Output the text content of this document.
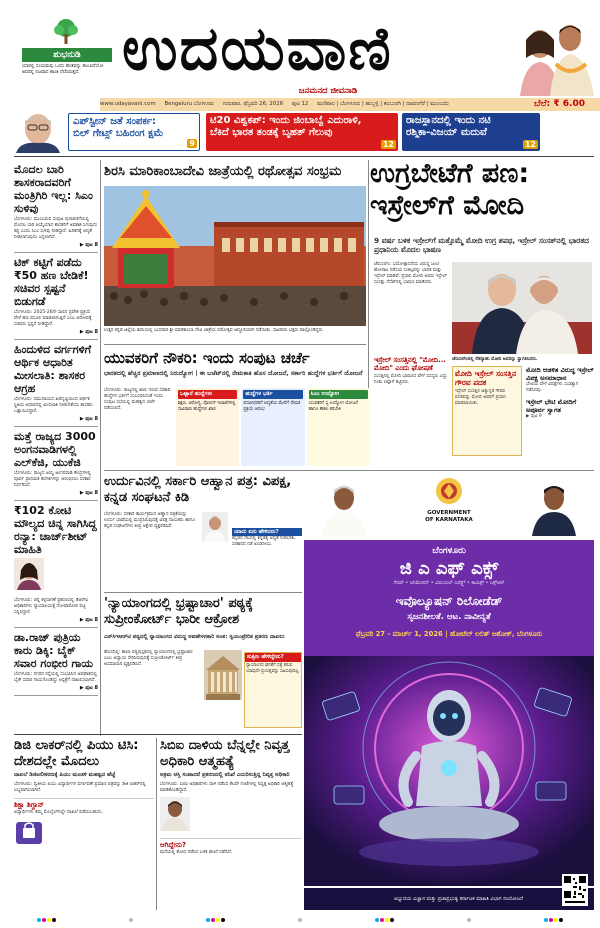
ಶುಭನುಡಿ
ಯಾರಲ್ಲಿ ಸಂಯಮವು ಒಂದು ಹಂತವನ್ನು ತಲುಪಿದೆಯೋ ಅವರಲ್ಲಿ ನಿಜವಾದ ಶಾಂತಿ ನೆಲೆಸಿರುತ್ತದೆ. ಉದಯವಾಣಿ
ಜನಮನದ ಜೀವನಾಡಿ
www.udayavani.com Bengaluru ಬೆಂಗಳೂರು ಗುರುವಾರ, ಫೆಬ್ರವರಿ 26, 2026 ಪುಟ 12 ಮಣಿಪಾಲ | ಬೆಂಗಳೂರು | ಹುಬ್ಬಳ್ಳಿ | ಕಲಬುರಗಿ | ದಾವಣಗೆರೆ | ಮುಂಬಯಿ	ಬೆಲೆ: ₹ 6.00
ಎಪ್‌ಸ್ಟೀನ್ ಜತೆ ಸಂಪರ್ಕ:
ಬಿಲ್ ಗೇಟ್ಸ್ ಬಹಿರಂಗ ಕ್ಷಮೆ
9
ಟಿ20 ವಿಶ್ವಕಪ್: ಇಂದು ಜಿಂಬಾಬ್ವೆ ಎದುರಾಳಿ,
ಬೆಕಿದೆ ಭಾರತ ತಂಡಕ್ಕೆ ಬೃಹತ್ ಗೆಲುವು
12
ರಾಜಸ್ಥಾನದಲ್ಲಿ ಇಂದು ನಟಿ
ರಶ್ಮಿಕಾ-ವಿಜಯ್ ಮದುವೆ
12
ಮೊದಲ ಬಾರಿ ಶಾಸಕರಾದವರಿಗೆ ಮಂತ್ರಿಗಿರಿ ಇಲ್ಲ: ಸಿಎಂ ಸುಳಿವು
ಬೆಂಗಳೂರು: ಮುಂಬರುವ ಸಂಪುಟ ಪುನಾರಚನೆಯಲ್ಲಿ ಮೊದಲ ಬಾರಿ ಆಯ್ಕೆಯಾದ ಶಾಸಕರಿಗೆ ಅವಕಾಶ ಸಿಗುವುದು ಕಷ್ಟ ಎಂದು ಸಿಎಂ ಸುಳಿವು ನೀಡಿದ್ದಾರೆ. ಹಿರಿತನಕ್ಕೆ ಆದ್ಯತೆ ನೀಡಲಾಗುವುದು ಎನ್ನಲಾಗಿದೆ.
▶ ಪುಟ 8
ಟಿಕ್ ಕಟ್ಟಿಗೆ ಪಡೆದು ₹50 ಹಣ ಬೇಡಿಕೆ! ಸಚಿವರ ಸ್ಪಷ್ಟನೆ ಬಿಡುಗಡೆ
ಬೆಂಗಳೂರು: 2025-26ನೇ ಸಾಲಿನ ಪ್ರವೇಶ ಪ್ರಕ್ರಿಯೆ ವೇಳೆ ಹಣ ವಸೂಲಿ ಮಾಡಲಾಗುತ್ತಿದೆ ಎಂಬ ಆರೋಪಕ್ಕೆ ಸಚಿವರು ಸ್ಪಷ್ಟನೆ ನೀಡಿದ್ದಾರೆ.
▶ ಪುಟ 8
ಹಿಂದುಳಿದ ವರ್ಗಗಳಿಗೆ ಆರ್ಥಿಕ ಆಧಾರಿತ ಮೀಸಲಾತಿ: ಶಾಸಕರ ಆಗ್ರಹ
ಬೆಂಗಳೂರು: ಸಮುದಾಯದ ಹಿತದೃಷ್ಟಿಯಿಂದ ಆರ್ಥಿಕ ಸ್ಥಿತಿಯ ಆಧಾರದಲ್ಲಿ ಮೀಸಲಾತಿ ನೀಡಬೇಕೆಂದು ಶಾಸಕರು ಒತ್ತಾಯಿಸಿದ್ದಾರೆ.
▶ ಪುಟ 8
ಮತ್ತೆ ರಾಜ್ಯದ 3000 ಅಂಗನವಾಡಿಗಳಲ್ಲಿ ಎಲ್‌ಕೆಜಿ, ಯುಕೆಜಿ
ಬೆಂಗಳೂರು: ರಾಜ್ಯದ ಆಯ್ದ ಅಂಗನವಾಡಿ ಕೇಂದ್ರಗಳಲ್ಲಿ ಪೂರ್ವ ಪ್ರಾಥಮಿಕ ತರಗತಿಗಳನ್ನು ಆರಂಭಿಸಲು ಸರಕಾರ ನಿರ್ಧರಿಸಿದೆ.
▶ ಪುಟ 8
₹102 ಕೋಟಿ ಮೌಲ್ಯದ ಚಿನ್ನ ಸಾಗಿಸಿದ್ದ ರನ್ಯಾ: ಚಾರ್ಜ್‌ಶೀಟ್ ಮಾಹಿತಿ
ಬೆಂಗಳೂರು: ಚಿನ್ನ ಕಳ್ಳಸಾಗಣೆ ಪ್ರಕರಣದಲ್ಲಿ ಡಿಆರ್‌ಐ ಅಧಿಕಾರಿಗಳು ನ್ಯಾಯಾಲಯಕ್ಕೆ ದೋಷಾರೋಪ ಪಟ್ಟಿ ಸಲ್ಲಿಸಿದ್ದಾರೆ.
▶ ಪುಟ 8
ಡಾ.ರಾಜ್ ಪುತ್ರಿಯ ಕಾರು ಡಿಕ್ಕಿ: ಬೈಕ್ ಸವಾರ ಗಂಭೀರ ಗಾಯ
ಬೆಂಗಳೂರು: ನಗರದ ರಸ್ತೆಯಲ್ಲಿ ಸಂಭವಿಸಿದ ಅಪಘಾತದಲ್ಲಿ ಬೈಕ್ ಸವಾರ ಗಾಯಗೊಂಡಿದ್ದು ಆಸ್ಪತ್ರೆಗೆ ದಾಖಲಿಸಲಾಗಿದೆ.
▶ ಪುಟ 8
ಶಿರಸಿ ಮಾರಿಕಾಂಬಾದೇವಿ ಜಾತ್ರೆಯಲ್ಲಿ ರಥೋತ್ಸವ ಸಂಭ್ರಮ
ಉತ್ತರ ಕನ್ನಡ ಜಿಲ್ಲೆಯ ಶಿರಸಿಯಲ್ಲಿ ಬುಧವಾರ ಶ್ರೀ ಮಾರಿಕಾಂಬಾ ದೇವಿ ಜಾತ್ರೆಯ ರಥೋತ್ಸವ ಅದ್ದೂರಿಯಾಗಿ ನಡೆಯಿತು. ಸಾವಿರಾರು ಭಕ್ತರು ಪಾಲ್ಗೊಂಡಿದ್ದರು.
ಉಗ್ರಬೇಟೆಗೆ ಪಣ: ಇಸ್ರೇಲ್‌ಗೆ ಮೋದಿ
9 ವರ್ಷ ಬಳಿಕ ಇಸ್ರೇಲ್‌ಗೆ ಮತ್ತೊಮ್ಮೆ ಮೋದಿ ಉಗ್ರ ಶಪಥ, ಇಸ್ರೇಲ್ ಸಂಸತ್‌ನಲ್ಲಿ ಭಾರತದ ಪ್ರಧಾನಿಯ ಮೊದಲ ಭಾಷಣ
ಜೆರುಸಲೇಂ: ಭಯೋತ್ಪಾದನೆಯ ವಿರುದ್ಧ ಜಂಟಿ ಹೋರಾಟ ನಡೆಸುವ ಸಂಕಲ್ಪವನ್ನು ಭಾರತ ಮತ್ತು ಇಸ್ರೇಲ್ ಮಾಡಿವೆ. ಪ್ರಧಾನಿ ಮೋದಿ ಅವರು ಇಸ್ರೇಲ್ ಸಂಸತ್ತು ನೆಸೆಟ್‌ನಲ್ಲಿ ಭಾಷಣ ಮಾಡಿದರು.
ಜೆರುಸಲೇಂನಲ್ಲಿ ನೆತನ್ಯಾಹು ಮೋದಿ ಅವರನ್ನು ಸ್ವಾಗತಿಸಿದರು.
ಇಸ್ರೇಲ್ ಸಂಸತ್ತಿನಲ್ಲಿ "ಮೋದಿ... ಮೋದಿ" ಎಂದು ಘೋಷಣೆ
ಸಂಸತ್ತಿನಲ್ಲಿ ಮೋದಿ ಭಾಷಣದ ವೇಳೆ ಸದಸ್ಯರು ಎದ್ದು ನಿಂತು ಚಪ್ಪಾಳೆ ತಟ್ಟಿದರು.
ಮೋದಿ ಇಸ್ರೇಲ್ ಸಂಸತ್ತಿನ ಗೌರವ ಪದಕ
ಇಸ್ರೇಲ್ ಸಂಸತ್ತಿನ ಅತ್ಯುನ್ನತ ಗೌರವ ಪದಕವನ್ನು ಮೋದಿ ಅವರಿಗೆ ಪ್ರದಾನ ಮಾಡಲಾಯಿತು.
ಮೋದಿ ಆಡಳಿತ ವಿರುದ್ಧ ಇಸ್ರೇಲ್ ವಿಪಕ್ಷ ಅಸಮಾಧಾನ
ಭೇಟಿಯ ವೇಳೆ ವಿಪಕ್ಷಗಳು ಸಭಾತ್ಯಾಗ ನಡೆಸಿದವು.
ಇಸ್ರೇಲ್ ಭೇಟಿ ಮೋದಿಗೆ ಅಪೂರ್ವ ಸ್ವಾಗತ
▶ ಪುಟ 9
ಯುವಕರಿಗೆ ನೌಕರಿ: ಇಂದು ಸಂಪುಟ ಚರ್ಚೆ
ಭಾರತದಲ್ಲಿ ಹೆಚ್ಚಿನ ಪ್ರಮಾಣದಲ್ಲಿ ನಿರುದ್ಯೋಗ | ಈ ಬಜೆಟ್‌ನಲ್ಲಿ ನೇಮಕಾತಿ ಹೊಸ ಯೋಜನೆ, ಸರ್ಕಾರಿ ಹುದ್ದೆಗಳ ಭರ್ತಿಗೆ ಯೋಜನೆ
ಬೆಂಗಳೂರು: ರಾಜ್ಯದಲ್ಲಿ ಖಾಲಿ ಇರುವ ಸರಕಾರಿ ಹುದ್ದೆಗಳ ಭರ್ತಿಗೆ ಸಂಬಂಧಿಸಿದಂತೆ ಇಂದು ಸಂಪುಟ ಸಭೆಯಲ್ಲಿ ಮಹತ್ವದ ಚರ್ಚೆ ನಡೆಯಲಿದೆ.
ಒಟ್ಟಾರೆ ಹುದ್ದೆಗಳು
ಶಿಕ್ಷಣ, ಆರೋಗ್ಯ, ಪೊಲೀಸ್ ಇಲಾಖೆಗಳಲ್ಲಿ ಸಾವಿರಾರು ಹುದ್ದೆಗಳು ಖಾಲಿ
ಹುದ್ದೆಗಳ ಭರ್ತಿ
ಪದವೀಧರರಿಗೆ ಆದ್ಯತೆಯ ಮೇರೆಗೆ ನೇಮಕ ಪ್ರಕ್ರಿಯೆ ಆರಂಭ
ಸಿಎಂ ಉದ್ಯೋಗ
ಯುವಕರಿಗೆ ಸ್ವ ಉದ್ಯೋಗ ಯೋಜನೆ ಹಾಗೂ ಕೌಶಲ ತರಬೇತಿ
ಉರ್ದುವಿನಲ್ಲಿ ಸರ್ಕಾರಿ ಆಹ್ವಾನ ಪತ್ರ: ವಿಪಕ್ಷ, ಕನ್ನಡ ಸಂಘಟನೆ ಕಿಡಿ
ಬೆಂಗಳೂರು: ಸರಕಾರಿ ಕಾರ್ಯಕ್ರಮದ ಆಹ್ವಾನ ಪತ್ರಿಕೆಯನ್ನು ಉರ್ದು ಭಾಷೆಯಲ್ಲಿ ಮುದ್ರಿಸಿರುವುದಕ್ಕೆ ವಿಪಕ್ಷ ನಾಯಕರು ಹಾಗೂ ಕನ್ನಡ ಸಂಘಟನೆಗಳು ತೀವ್ರ ಆಕ್ಷೇಪ ವ್ಯಕ್ತಪಡಿಸಿವೆ.
ಯಾರು ಏನು ಹೇಳಿದರು?
ಕನ್ನಡದ ನೆಲದಲ್ಲಿ ಕನ್ನಡಕ್ಕೆ ಆದ್ಯತೆ ನೀಡಬೇಕು. ಸರಕಾರದ ನಡೆ ಖಂಡನೀಯ.
'ನ್ಯಾಯಾಂಗದಲ್ಲಿ ಭ್ರಷ್ಟಾಚಾರ' ಪಠ್ಯಕ್ಕೆ ಸುಪ್ರೀಂಕೋರ್ಟ್ ಭಾರೀ ಆಕ್ರೋಶ
ಎನ್‌ಸಿಇಆರ್‌ಟಿ ಪಠ್ಯದಲ್ಲಿ ನ್ಯಾಯಾಂಗದ ವಿರುದ್ಧ ಅವಹೇಳನಕಾರಿ ಅಂಶ: ಸ್ವಯಂಪ್ರೇರಿತ ಪ್ರಕರಣ ದಾಖಲು
ಹೊಸದಿಲ್ಲಿ: ಶಾಲಾ ಪಠ್ಯಪುಸ್ತಕದಲ್ಲಿ ನ್ಯಾಯಾಂಗದಲ್ಲಿ ಭ್ರಷ್ಟಾಚಾರ ಎಂಬ ಅಧ್ಯಾಯ ಸೇರಿಸಿರುವುದಕ್ಕೆ ಸುಪ್ರೀಂಕೋರ್ಟ್ ತೀವ್ರ ಅಸಮಾಧಾನ ವ್ಯಕ್ತಪಡಿಸಿದೆ.
ಸುಪ್ರೀಂ ಹೇಳಿದ್ದೇನು?
ನ್ಯಾಯಾಂಗದ ಘನತೆಗೆ ಧಕ್ಕೆ ತರುವ ಯಾವುದೇ ಪ್ರಯತ್ನವನ್ನು ಸಹಿಸುವುದಿಲ್ಲ.
ಡಿಜಿ ಲಾಕರ್‌ನಲ್ಲಿ ಪಿಯು ಟಿಸಿ: ದೇಶದಲ್ಲೇ ಮೊದಲು
ದಾಖಲೆ ಡಿಜಿಟಲೀಕರಣಕ್ಕೆ ಪಿಯು ಮಂಡಳಿ ಮಹತ್ವದ ಹೆಜ್ಜೆ
ಬೆಂಗಳೂರು: ದ್ವಿತೀಯ ಪಿಯು ವಿದ್ಯಾರ್ಥಿಗಳ ವರ್ಗಾವಣೆ ಪ್ರಮಾಣ ಪತ್ರವನ್ನು ಡಿಜಿ ಲಾಕರ್‌ನಲ್ಲಿ ಲಭ್ಯವಾಗಿಸಲಾಗಿದೆ.
ಶಿಕ್ಷಾ ಶಿಗ್ದಾನ್
ವಿದ್ಯಾರ್ಥಿಗಳು ತಮ್ಮ ಮೊಬೈಲ್‌ನಲ್ಲೇ ದಾಖಲೆ ಪಡೆಯಬಹುದು.
ಸಿಬಿಐ ದಾಳಿಯ ಬೆನ್ನಲ್ಲೇ ನಿವೃತ್ತ ಅಧಿಕಾರಿ ಆತ್ಮಹತ್ಯೆ
ಅಕ್ರಮ ಆಸ್ತಿ ಸಂಪಾದನೆ ಪ್ರಕರಣದಲ್ಲಿ ತನಿಖೆ ಎದುರಿಸುತ್ತಿದ್ದ ನಿವೃತ್ತ ಅಧಿಕಾರಿ
ಬೆಂಗಳೂರು: ಸಿಬಿಐ ಅಧಿಕಾರಿಗಳು ದಾಳಿ ನಡೆಸಿದ ಕೆಲವೇ ಗಂಟೆಗಳಲ್ಲಿ ನಿವೃತ್ತ ಅಧಿಕಾರಿ ಆತ್ಮಹತ್ಯೆ ಮಾಡಿಕೊಂಡಿದ್ದಾರೆ.
ಆಗಿದ್ದೇನು?
ಮನೆಯಲ್ಲಿ ಶೋಧ ನಡೆಸಿದ ಬಳಿಕ ಘಟನೆ ನಡೆದಿದೆ.
GOVERNMENT OF KARNATAKA
ಬೆಂಗಳೂರು
ಜಿ ಎ ಎಫ್ ಎಕ್ಸ್
ಗೇಮ್ • ಅನಿಮೇಷನ್ • ವಿಷುಯಲ್ ಎಫೆಕ್ಟ್ಸ್ • ಕಾಮಿಕ್ಸ್ • ಎಕ್ಸ್‌ಆರ್
ಇವೊಲ್ಯೂಷನ್ ರಿಲೋಡೆಡ್
ಸೃಜನಶೀಲತೆ. ಆಟ. ನಾವೀನ್ಯತೆ
ಫೆಬ್ರವರಿ 27 - ಮಾರ್ಚ್ 1, 2026 | ಹೋಟೆಲ್ ಲಲಿತ್ ಅಶೋಕ್, ಬೆಂಗಳೂರು
ಅಭ್ಯುದಯ ವಿಜ್ಞಾನ ಮತ್ತು ಪ್ರಜಾಪ್ರಭುತ್ವ ಕರ್ನಾಟಕ ಮಾಹಿತಿ ವಿಭಾಗ ಸಂಯೋಜನೆ
